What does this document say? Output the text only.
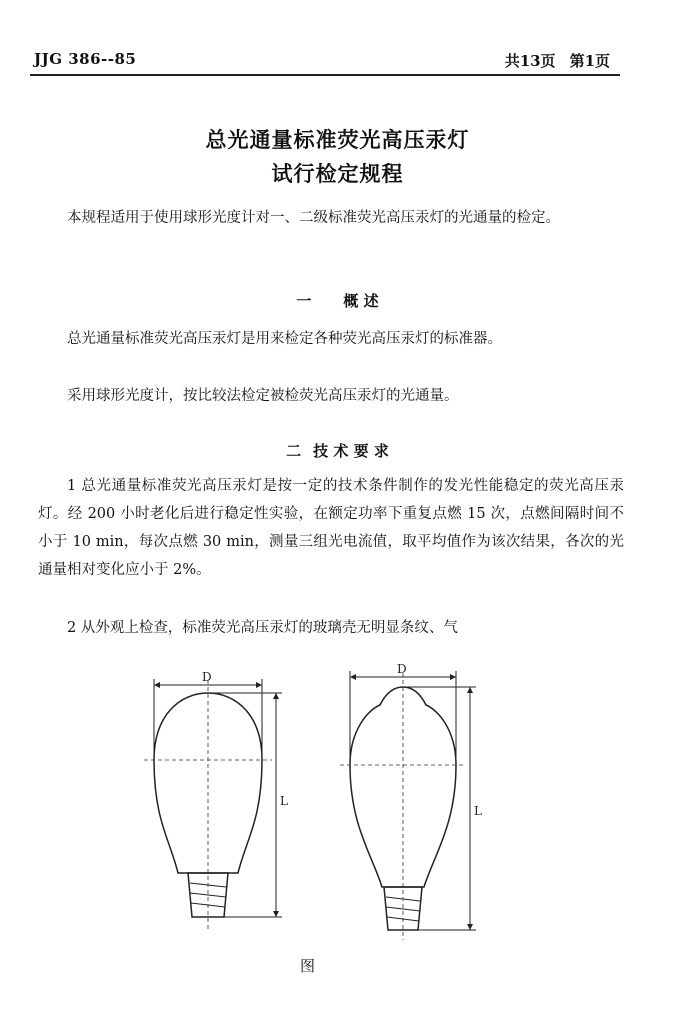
JJG 386--85	共13页 第1页
总光通量标准荧光高压汞灯
试行检定规程
本规程适用于使用球形光度计对一、二级标准荧光高压汞灯的光通量的检定。
一 概 述
总光通量标准荧光高压汞灯是用来检定各种荧光高压汞灯的标准器。
采用球形光度计，按比较法检定被检荧光高压汞灯的光通量。
二 技 术 要 求
1 总光通量标准荧光高压汞灯是按一定的技术条件制作的发光性能稳定的荧光高压汞灯。经 200 小时老化后进行稳定性实验，在额定功率下重复点燃 15 次，点燃间隔时间不小于 10 min，每次点燃 30 min，测量三组光电流值，取平均值作为该次结果，各次的光通量相对变化应小于 2%。
2 从外观上检查，标准荧光高压汞灯的玻璃壳无明显条纹、气
D
L
D
L
图
